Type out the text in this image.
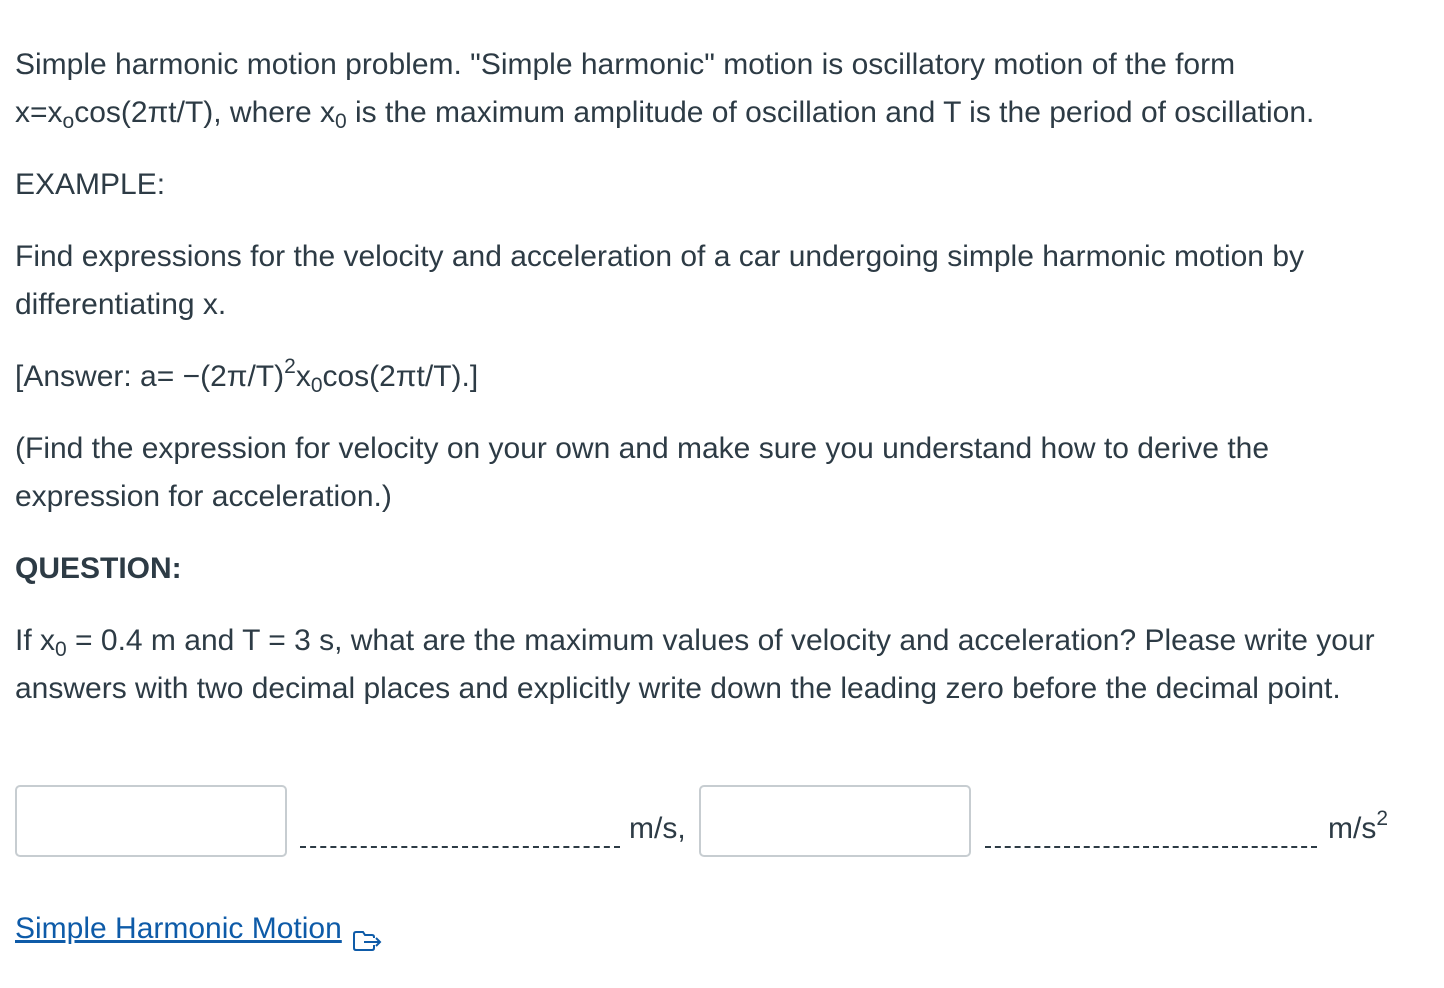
Simple harmonic motion problem. "Simple harmonic" motion is oscillatory motion of the form
$x=x_o\cos(2\pi t/T)$, where $x_0$ is the maximum amplitude of oscillation and T is the period of oscillation.

EXAMPLE:

Find expressions for the velocity and acceleration of a car undergoing simple harmonic motion by differentiating x.

[Answer: $a= -(2\pi/T)^2x_0\cos(2\pi t/T)$.]

(Find the expression for velocity on your own and make sure you understand how to derive the expression for acceleration.)

QUESTION:

If $x_0 = 0.4$ m and T = 3 s, what are the maximum values of velocity and acceleration? Please write your answers with two decimal places and explicitly write down the leading zero before the decimal point.

m/s,	$m/s^2$
Simple Harmonic Motion
